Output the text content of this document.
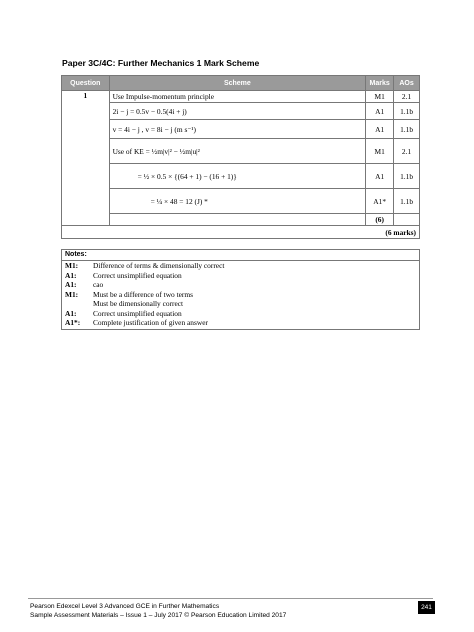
Paper 3C/4C: Further Mechanics 1 Mark Scheme
Question	Scheme	Marks	AOs
1	Use Impulse-momentum principle	M1	2.1
	2i − j = 0.5v − 0.5(4i + j)	A1	1.1b
	v = 4i − j , v = 8i − j (m s⁻¹)	A1	1.1b
	Use of KE = ½m|v|² − ½m|u|²	M1	2.1
	= ½ × 0.5 × {(64 + 1) − (16 + 1)}	A1	1.1b
	= ¼ × 48 = 12 (J) *	A1*	1.1b
		(6)	
(6 marks)			
Notes:
M1:	Difference of terms & dimensionally correct
A1:	Correct unsimplified equation
A1:	cao
M1:	Must be a difference of two terms
Must be dimensionally correct
A1:	Correct unsimplified equation
A1*:	Complete justification of given answer
Pearson Edexcel Level 3 Advanced GCE in Further Mathematics
Sample Assessment Materials – Issue 1 – July 2017 © Pearson Education Limited 2017
241
